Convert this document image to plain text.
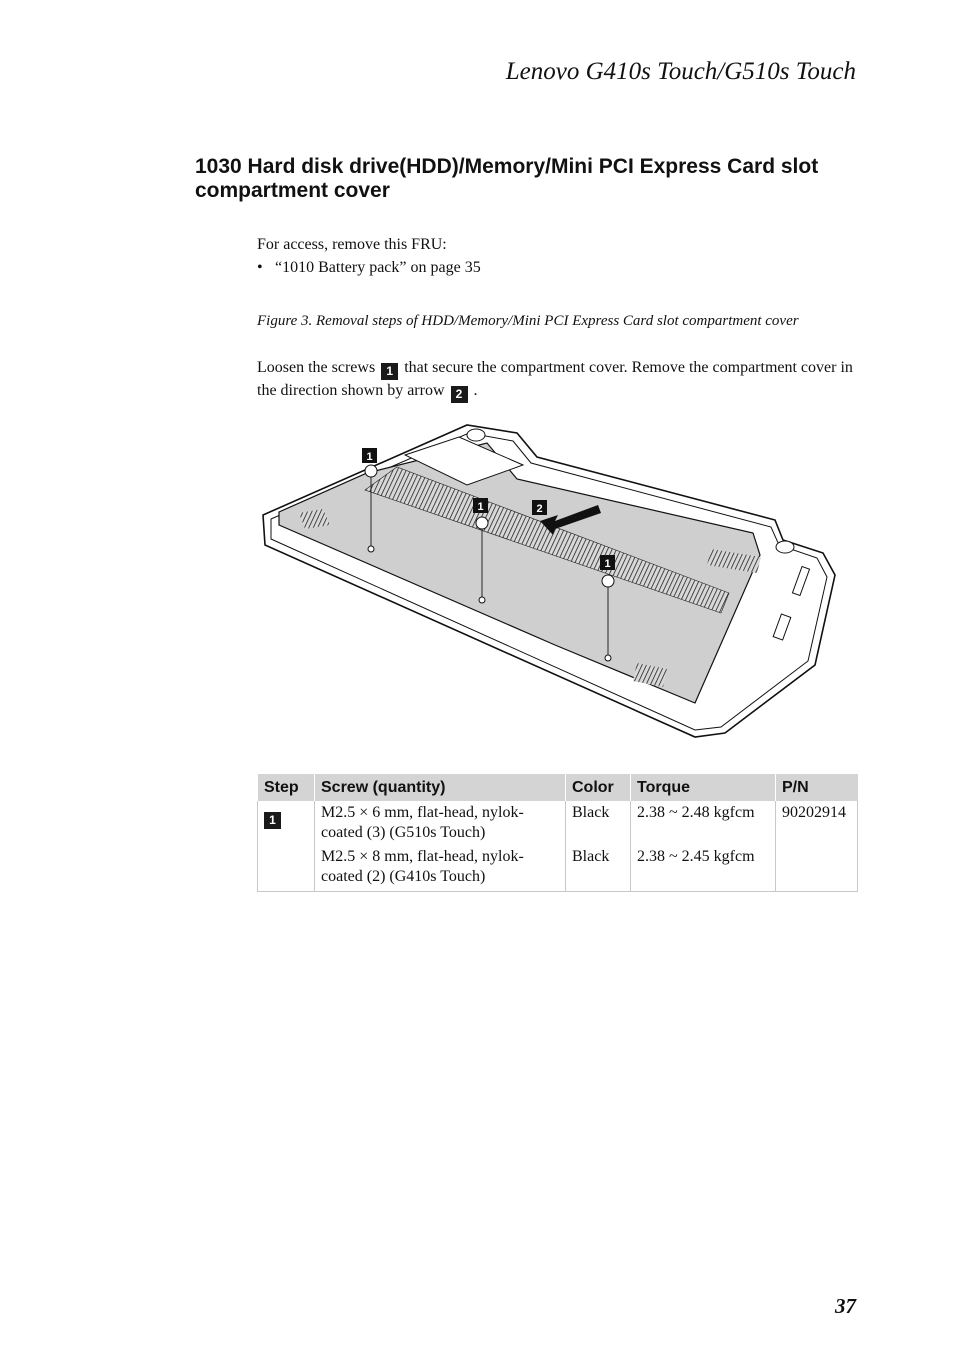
Lenovo G410s Touch/G510s Touch
1030 Hard disk drive(HDD)/Memory/Mini PCI Express Card slot compartment cover
For access, remove this FRU:
• “1010 Battery pack” on page 35
Figure 3. Removal steps of HDD/Memory/Mini PCI Express Card slot compartment cover
Loosen the screws 1 that secure the compartment cover. Remove the compartment cover in the direction shown by arrow 2 .
1
1
1
2
Step	Screw (quantity)	Color	Torque	P/N
1	M2.5 × 6 mm, flat-head, nylok-coated (3) (G510s Touch)	Black	2.38 ~ 2.48 kgfcm	90202914
	M2.5 × 8 mm, flat-head, nylok-coated (2) (G410s Touch)	Black	2.38 ~ 2.45 kgfcm	
37
